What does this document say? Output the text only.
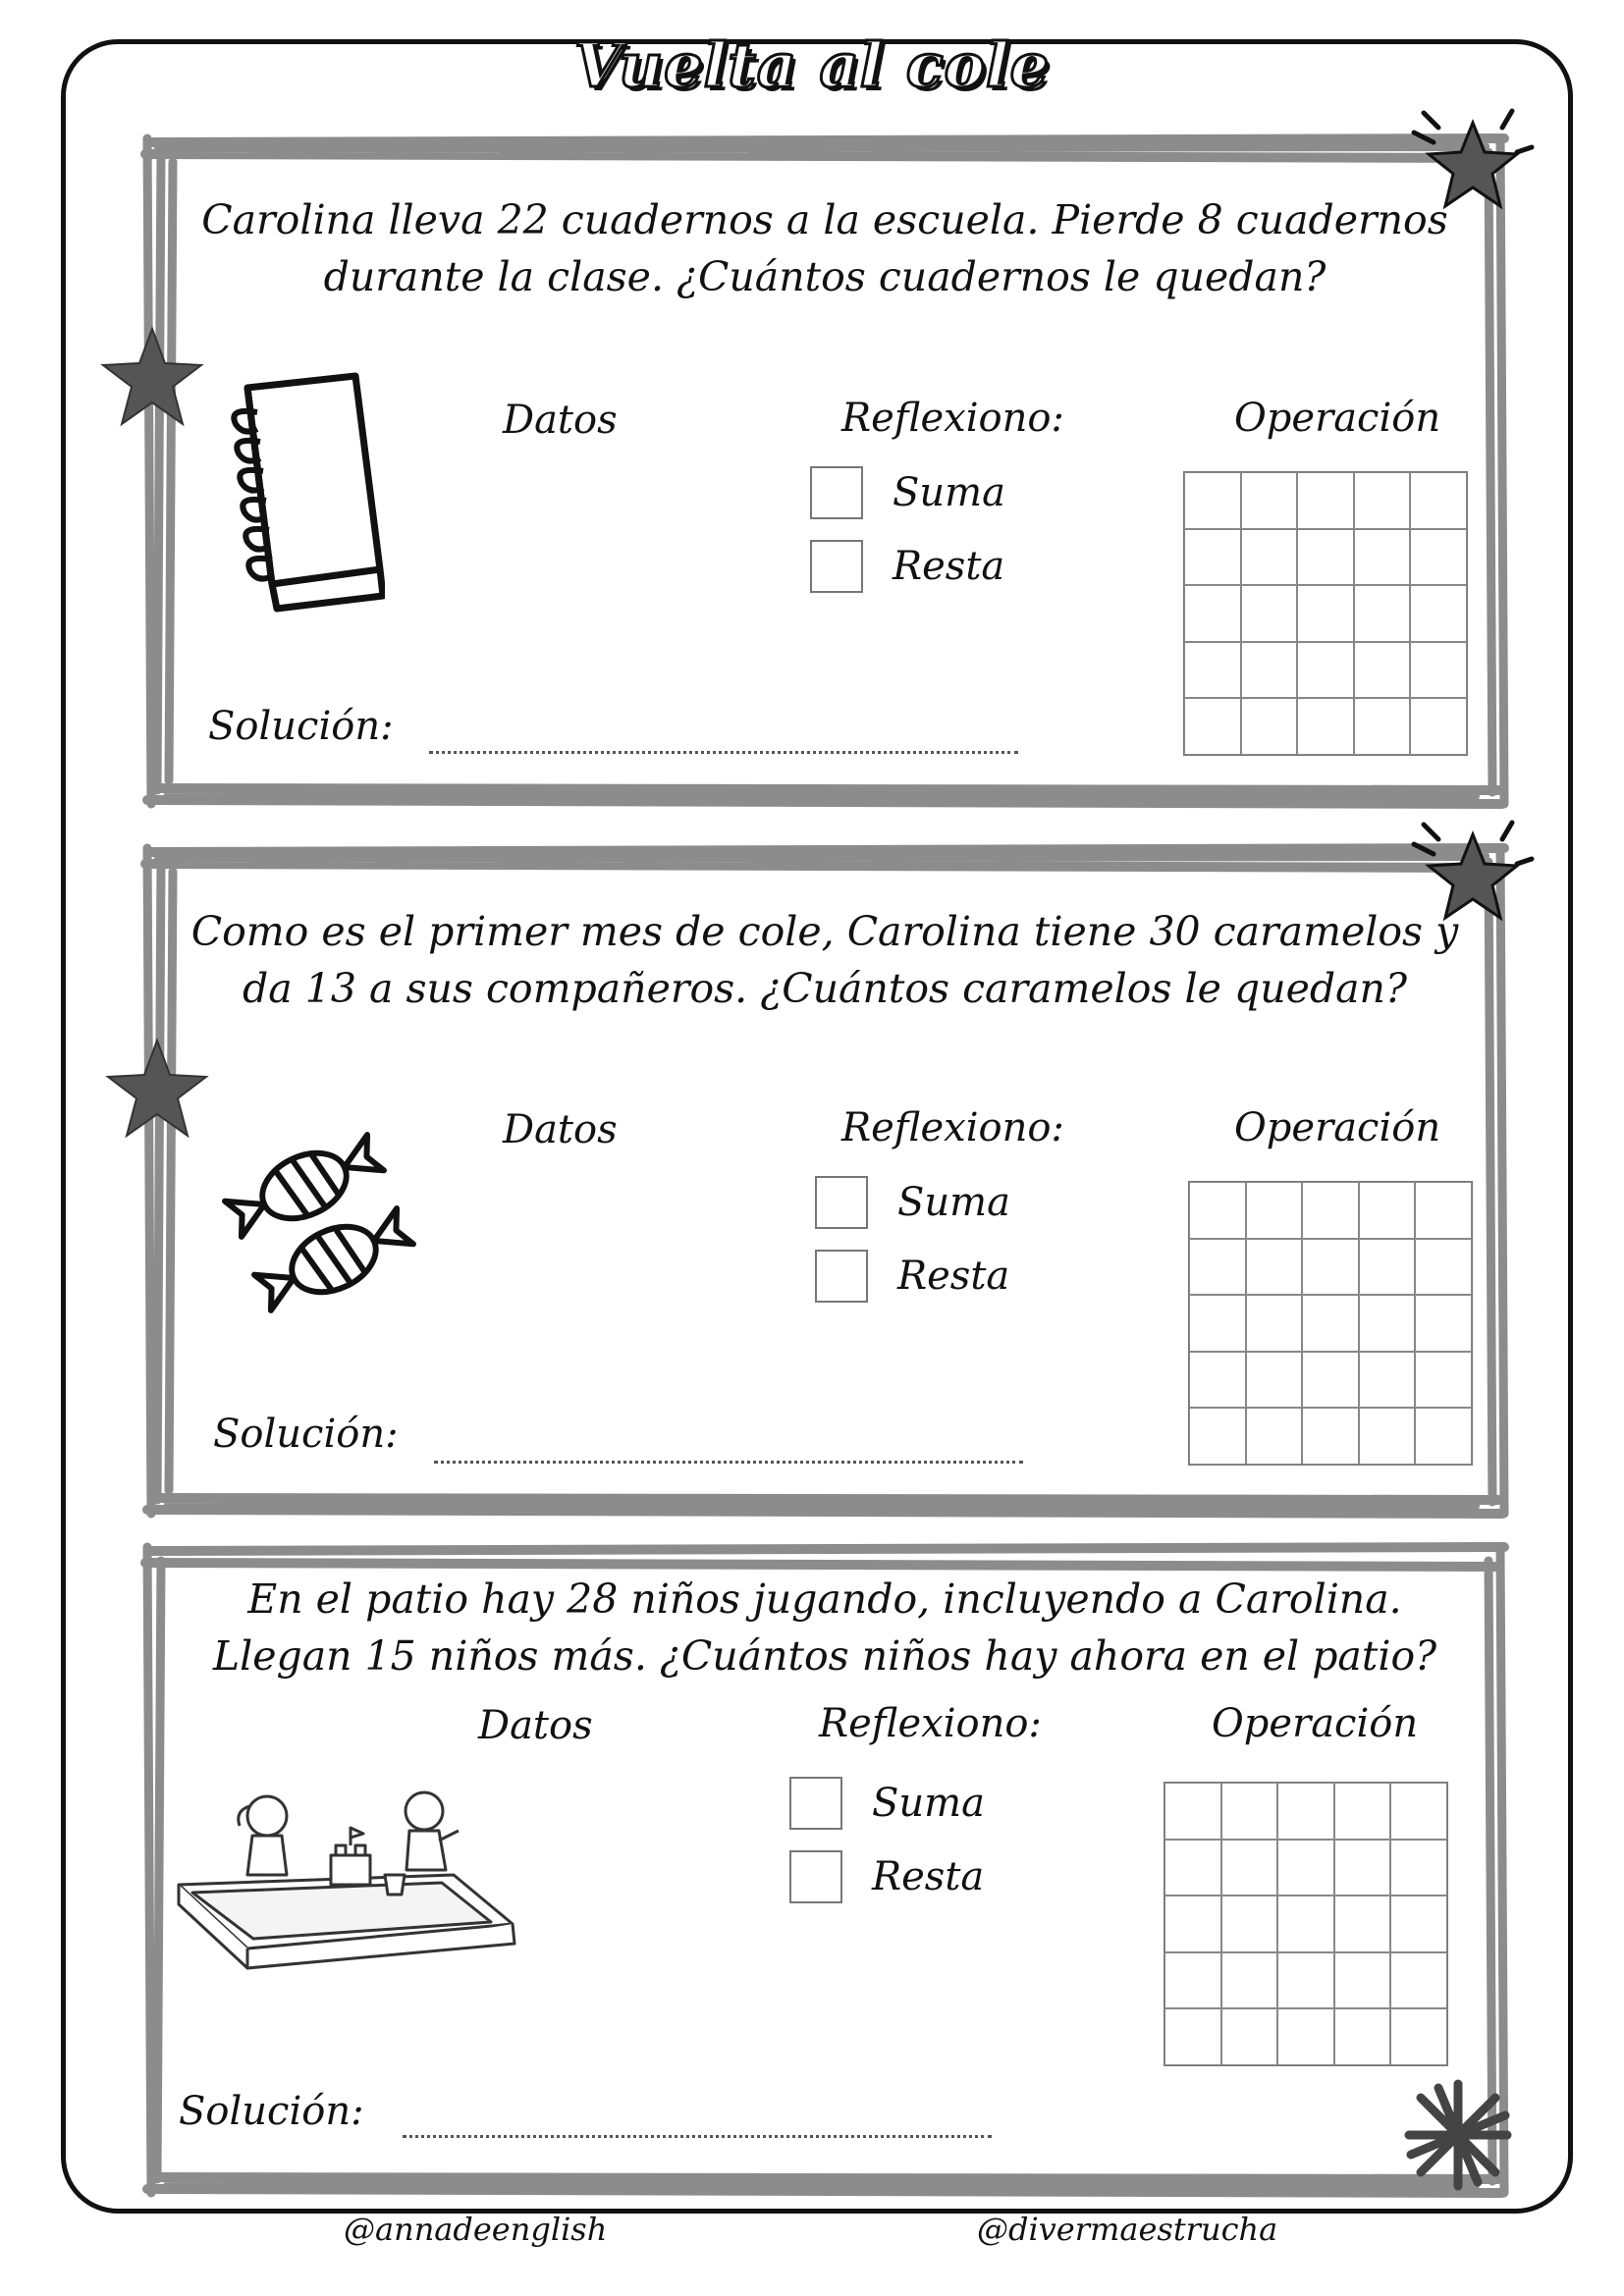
Vuelta al cole
Carolina lleva 22 cuadernos a la escuela. Pierde 8 cuadernos
durante la clase. ¿Cuántos cuadernos le quedan?
Datos	Reflexiono:	Operación
Suma
Resta
Solución:
Como es el primer mes de cole, Carolina tiene 30 caramelos y
da 13 a sus compañeros. ¿Cuántos caramelos le quedan?
Datos	Reflexiono:	Operación
Suma
Resta
Solución:
En el patio hay 28 niños jugando, incluyendo a Carolina.
Llegan 15 niños más. ¿Cuántos niños hay ahora en el patio?
Datos	Reflexiono:	Operación
Suma
Resta
Solución:
@annadeenglish	@divermaestrucha
